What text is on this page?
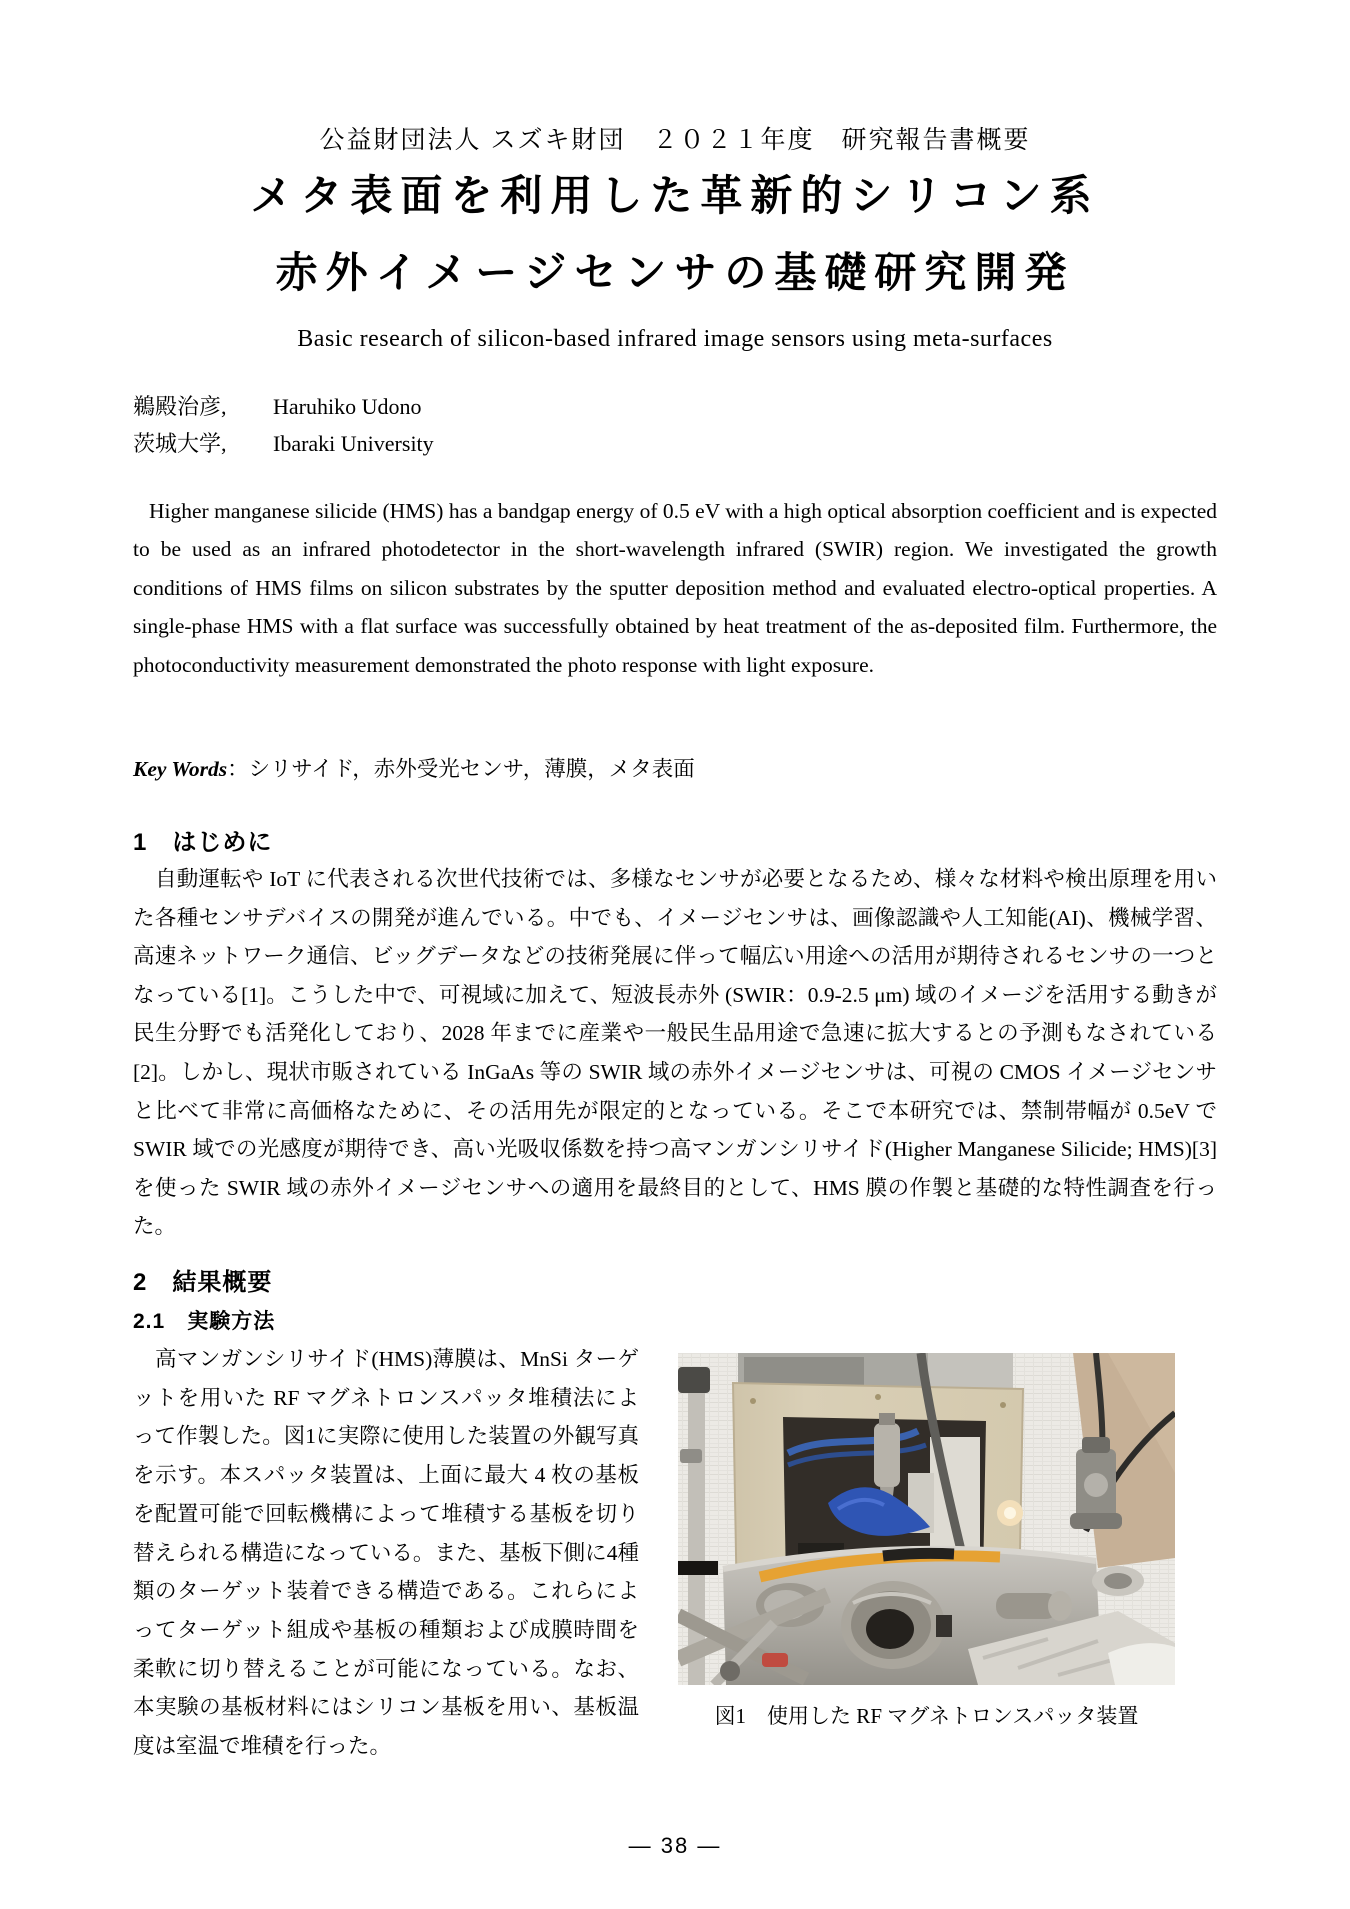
公益財団法人 スズキ財団　２０２１年度　研究報告書概要
メタ表面を利用した革新的シリコン系
赤外イメージセンサの基礎研究開発
Basic research of silicon-based infrared image sensors using meta-surfaces
鵜殿治彦,	Haruhiko Udono
茨城大学,	Ibaraki University
Higher manganese silicide (HMS) has a bandgap energy of 0.5 eV with a high optical absorption coefficient and is expected to be used as an infrared photodetector in the short-wavelength infrared (SWIR) region. We investigated the growth conditions of HMS films on silicon substrates by the sputter deposition method and evaluated electro-optical properties. A single-phase HMS with a flat surface was successfully obtained by heat treatment of the as-deposited film. Furthermore, the photoconductivity measurement demonstrated the photo response with light exposure.
Key Words：シリサイド，赤外受光センサ，薄膜，メタ表面
1　はじめに
自動運転や IoT に代表される次世代技術では、多様なセンサが必要となるため、様々な材料や検出原理を用いた各種センサデバイスの開発が進んでいる。中でも、イメージセンサは、画像認識や人工知能(AI)、機械学習、高速ネットワーク通信、ビッグデータなどの技術発展に伴って幅広い用途への活用が期待されるセンサの一つとなっている[1]。こうした中で、可視域に加えて、短波長赤外 (SWIR：0.9-2.5 μm) 域のイメージを活用する動きが民生分野でも活発化しており、2028 年までに産業や一般民生品用途で急速に拡大するとの予測もなされている[2]。しかし、現状市販されている InGaAs 等の SWIR 域の赤外イメージセンサは、可視の CMOS イメージセンサと比べて非常に高価格なために、その活用先が限定的となっている。そこで本研究では、禁制帯幅が 0.5eV で SWIR 域での光感度が期待でき、高い光吸収係数を持つ高マンガンシリサイド(Higher Manganese Silicide; HMS)[3]を使った SWIR 域の赤外イメージセンサへの適用を最終目的として、HMS 膜の作製と基礎的な特性調査を行った。
2　結果概要
2.1　実験方法
高マンガンシリサイド(HMS)薄膜は、MnSi ターゲットを用いた RF マグネトロンスパッタ堆積法によって作製した。図1に実際に使用した装置の外観写真を示す。本スパッタ装置は、上面に最大 4 枚の基板を配置可能で回転機構によって堆積する基板を切り替えられる構造になっている。また、基板下側に4種類のターゲット装着できる構造である。これらによってターゲット組成や基板の種類および成膜時間を柔軟に切り替えることが可能になっている。なお、本実験の基板材料にはシリコン基板を用い、基板温度は室温で堆積を行った。
図1　使用した RF マグネトロンスパッタ装置
— 38 —
